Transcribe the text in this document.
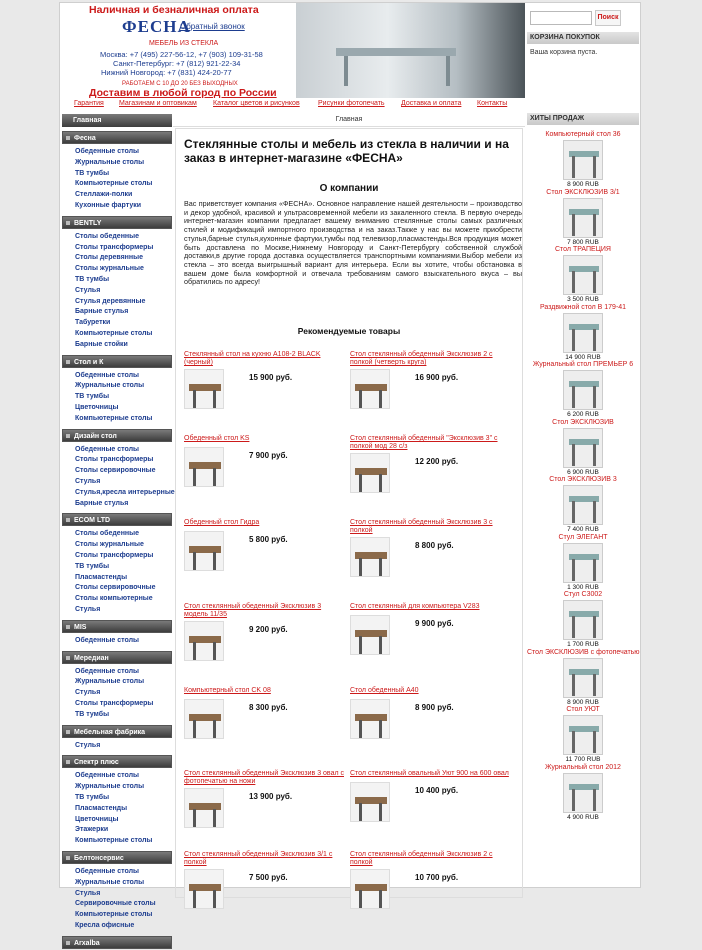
Наличная и безналичная оплата
ФЕСНА
Обратный звонок
МЕБЕЛЬ ИЗ СТЕКЛА
Москва: +7 (495) 227-56-12, +7 (903) 109-31-58
Санкт-Петербург: +7 (812) 921-22-34
Нижний Новгород: +7 (831) 424-20-77
РАБОТАЕМ С 10 ДО 20 БЕЗ ВЫХОДНЫХ
Доставим в любой город по России
Поиск
КОРЗИНА ПОКУПОК
Ваша корзина пуста.
Гарантия Магазинам и оптовикам Каталог цветов и рисунков	Рисунки фотопечать Доставка и оплата Контакты
Главная
Фесна
Обеденные столы
Журнальные столы
ТВ тумбы
Компьютерные столы
Стеллажи-полки
Кухонные фартуки
BENTLY
Столы обеденные
Столы трансформеры
Столы деревянные
Столы журнальные
ТВ тумбы
Стулья
Стулья деревянные
Барные стулья
Табуретки
Компьютерные столы
Барные стойки
Стол и К
Обеденные столы
Журнальные столы
ТВ тумбы
Цветочницы
Компьютерные столы
Дизайн стол
Обеденные столы
Столы трансформеры
Столы сервировочные
Стулья
Стулья,кресла интерьерные
Барные стулья
ECOM LTD
Столы обеденные
Столы журнальные
Столы трансформеры
ТВ тумбы
Пласмастенды
Столы сервировочные
Столы компьютерные
Стулья
MIS
Обеденные столы
Мередиан
Обеденные столы
Журнальные столы
Стулья
Столы трансформеры
ТВ тумбы
Мебельная фабрика
Стулья
Спектр плюс
Обеденные столы
Журнальные столы
ТВ тумбы
Пласмастенды
Цветочницы
Этажерки
Компьютерные столы
Белтонсервис
Обеденные столы
Журнальные столы
Стулья
Сервировочные столы
Компьютерные столы
Кресла офисные
Arxalba
Главная
Стеклянные столы и мебель из стекла в наличии и на заказ в интернет-магазине «ФЕСНА»
О компании
Вас приветствует компания «ФЕСНА». Основное направление нашей деятельности – производство и декор удобной, красивой и ультрасовременной мебели из закаленного стекла. В первую очередь интернет-магазин компании предлагает вашему вниманию стеклянные столы самых различных стилей и модификаций импортного производства и на заказ.Также у нас вы можете приобрести стулья,барные стулья,кухонные фартуки,тумбы под телевизор,пласмастенды.Вся продукция может быть доставлена по Москве,Нижнему Новгороду и Санкт-Петербургу собственной службой доставки,в другие города доставка осуществляется транспортными компаниями.Выбор мебели из стекла – это всегда выигрышный вариант для интерьера. Если вы хотите, чтобы обстановка в вашем доме была комфортной и отвечала требованиям самого взыскательного вкуса – вы обратились по адресу!
Рекомендуемые товары
Стеклянный стол на кухню A108-2 BLACK (черный)
15 900 руб.
Стол стеклянный обеденный Эксклюзив 2 с полкой (четверть круга)
16 900 руб.
Обеденный стол KS
7 900 руб.
Стол стеклянный обеденный "Эксклюзив 3" с полкой мод 28 с/з
12 200 руб.
Обеденный стол Гидра
5 800 руб.
Стол стеклянный обеденный Эксклюзив 3 с полкой
8 800 руб.
Стол стеклянный обеденный Эксклюзив 3 модель 11/35
9 200 руб.
Стол стеклянный для компьютера V283
9 900 руб.
Компьютерный стол CK 08
8 300 руб.
Стол обеденный A40
8 900 руб.
Стол стеклянный обеденный Эксклюзив 3 овал с фотопечатью на ножи
13 900 руб.
Стол стеклянный овальный Уют 900 на 600 овал
10 400 руб.
Стол стеклянный обеденный Эксклюзив 3/1 с полкой
7 500 руб.
Стол стеклянный обеденный Эксклюзив 2 с полкой
10 700 руб.
ХИТЫ ПРОДАЖ
Компьютерный стол 36
8 900 RUB
Стол ЭКСКЛЮЗИВ 3/1
7 800 RUB
Стол ТРАПЕЦИЯ
3 500 RUB
Раздвижной стол В 179-41
14 900 RUB
Журнальный стол ПРЕМЬЕР 6
6 200 RUB
Стол ЭКСКЛЮЗИВ
6 900 RUB
Стол ЭКСКЛЮЗИВ 3
7 400 RUB
Стул ЭЛЕГАНТ
1 300 RUB
Стул С3002
1 700 RUB
Стол ЭКСКЛЮЗИВ с фотопечатью
8 900 RUB
Стол УЮТ
11 700 RUB
Журнальный стол 2012
4 900 RUB
